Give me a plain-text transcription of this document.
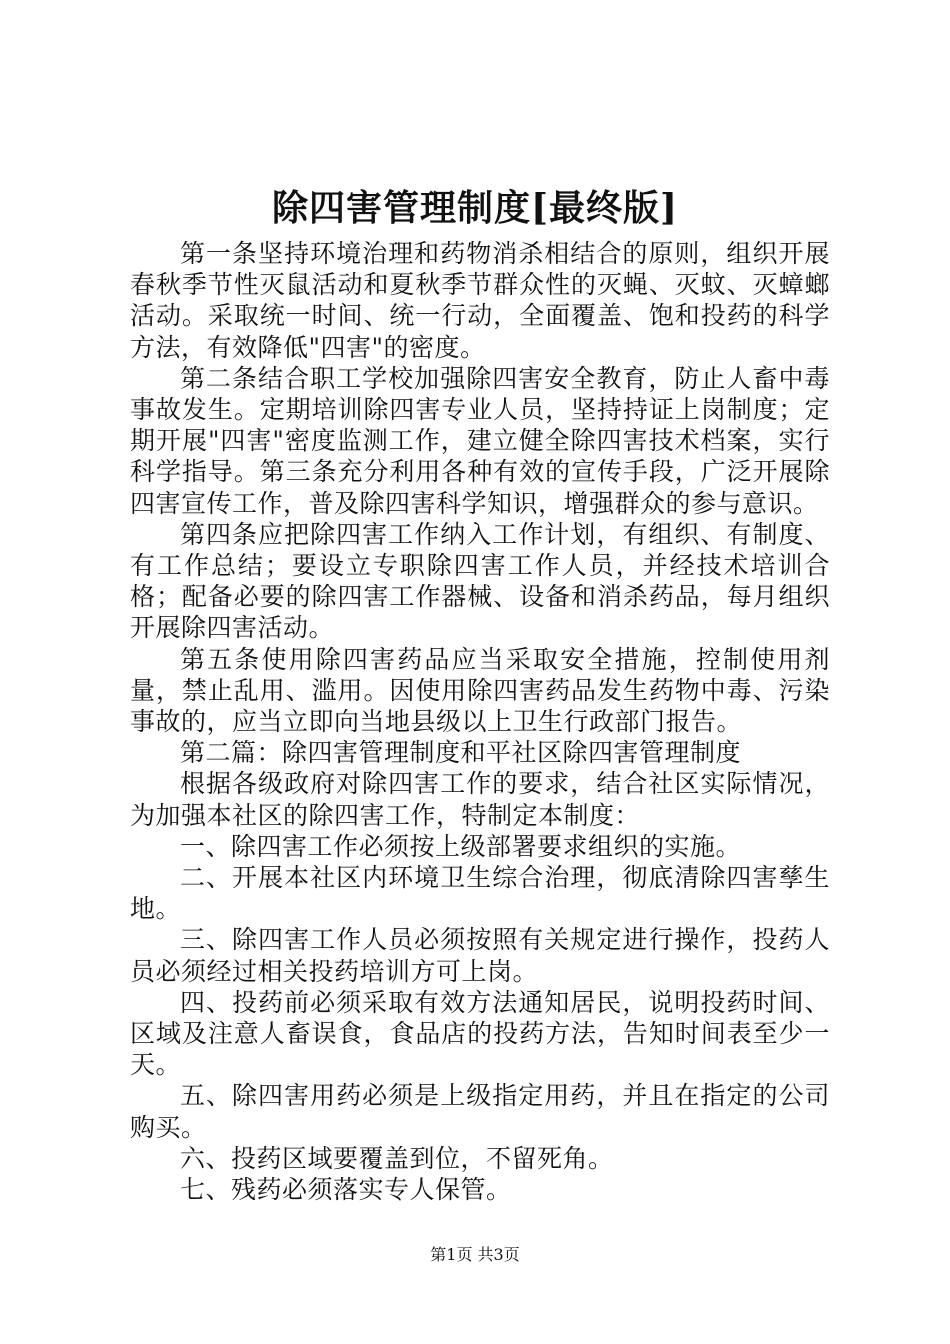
除四害管理制度[最终版]

第一条坚持环境治理和药物消杀相结合的原则，组织开展春秋季节性灭鼠活动和夏秋季节群众性的灭蝇、灭蚊、灭蟑螂活动。采取统一时间、统一行动，全面覆盖、饱和投药的科学方法，有效降低"四害"的密度。

第二条结合职工学校加强除四害安全教育，防止人畜中毒事故发生。定期培训除四害专业人员，坚持持证上岗制度；定期开展"四害"密度监测工作，建立健全除四害技术档案，实行科学指导。第三条充分利用各种有效的宣传手段，广泛开展除四害宣传工作，普及除四害科学知识，增强群众的参与意识。

第四条应把除四害工作纳入工作计划，有组织、有制度、有工作总结；要设立专职除四害工作人员，并经技术培训合格；配备必要的除四害工作器械、设备和消杀药品，每月组织开展除四害活动。

第五条使用除四害药品应当采取安全措施，控制使用剂量，禁止乱用、滥用。因使用除四害药品发生药物中毒、污染事故的，应当立即向当地县级以上卫生行政部门报告。

第二篇：除四害管理制度和平社区除四害管理制度

根据各级政府对除四害工作的要求，结合社区实际情况，为加强本社区的除四害工作，特制定本制度：

一、除四害工作必须按上级部署要求组织的实施。

二、开展本社区内环境卫生综合治理，彻底清除四害孳生地。

三、除四害工作人员必须按照有关规定进行操作，投药人员必须经过相关投药培训方可上岗。

四、投药前必须采取有效方法通知居民，说明投药时间、区域及注意人畜误食，食品店的投药方法，告知时间表至少一天。

五、除四害用药必须是上级指定用药，并且在指定的公司购买。

六、投药区域要覆盖到位，不留死角。

七、残药必须落实专人保管。

第1页 共3页
